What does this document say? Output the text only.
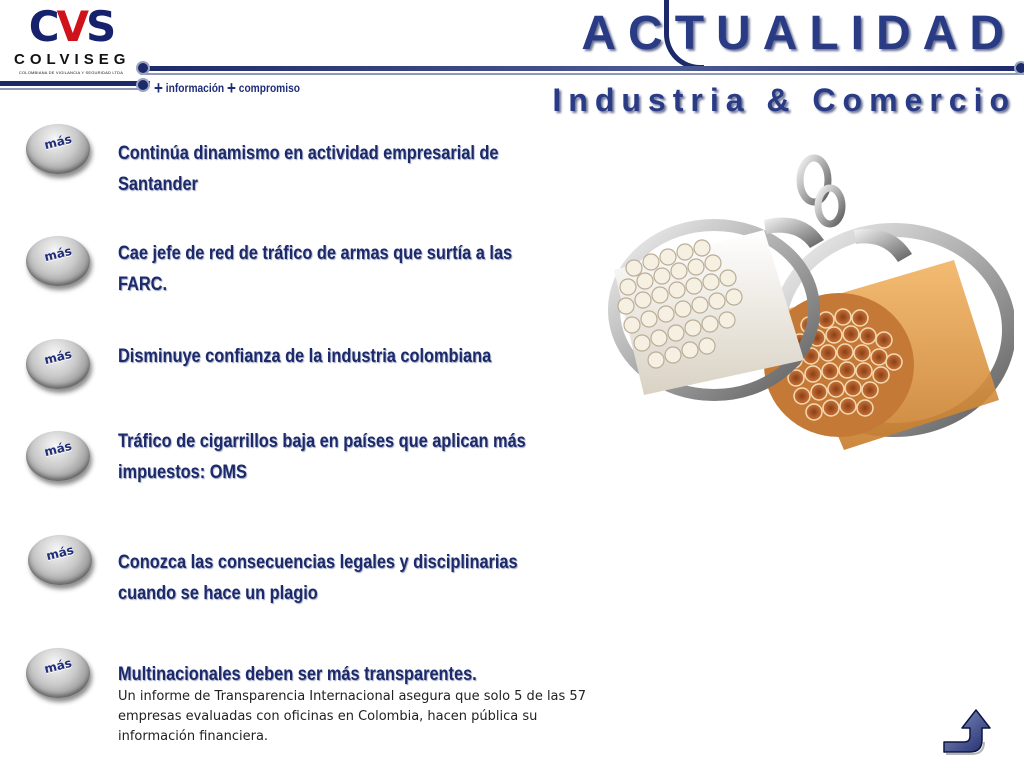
CVS
COLVISEG
COLOMBIANA DE VIGILANCIA Y SEGURIDAD LTDA
+ información + compromiso
ACTUALIDAD
Industria & Comercio
más
Continúa dinamismo en actividad empresarial de Santander
más	Cae jefe de red de tráfico de armas que surtía a las FARC.
más	Disminuye confianza de la industria colombiana
más	Tráfico de cigarrillos baja en países que aplican más impuestos: OMS
más	Conozca las consecuencias legales y disciplinarias cuando se hace un plagio
más	Multinacionales deben ser más transparentes.
Un informe de Transparencia Internacional asegura que solo 5 de las 57 empresas evaluadas con oficinas en Colombia, hacen pública su información financiera.
